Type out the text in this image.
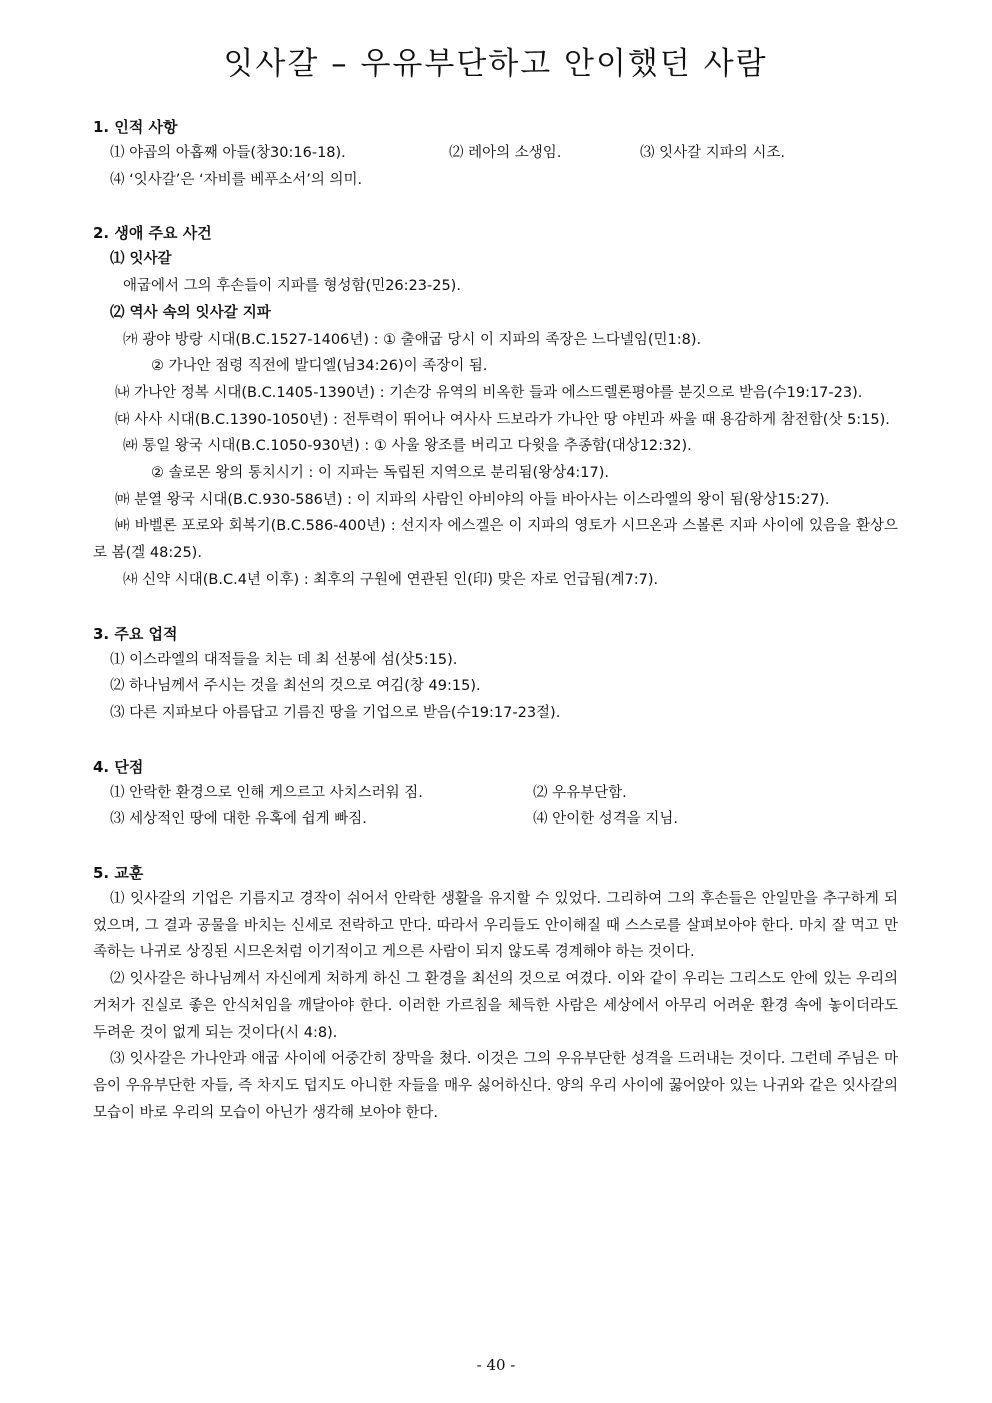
잇사갈 – 우유부단하고 안이했던 사람

1. 인적 사항

⑴ 야곱의 아홉째 아들(창30:16-18).	⑵ 레아의 소생임.	⑶ 잇사갈 지파의 시조.

⑷ ‘잇사갈’은 ‘자비를 베푸소서’의 의미.

2. 생애 주요 사건

⑴ 잇사갈

애굽에서 그의 후손들이 지파를 형성함(민26:23-25).

⑵ 역사 속의 잇사갈 지파

㈎ 광야 방랑 시대(B.C.1527-1406년) : ① 출애굽 당시 이 지파의 족장은 느다넬임(민1:8).

② 가나안 점령 직전에 발디엘(님34:26)이 족장이 됨.

㈏ 가나안 정복 시대(B.C.1405-1390년) : 기손강 유역의 비옥한 들과 에스드렐론평야를 분깃으로 받음(수19:17-23).

㈐ 사사 시대(B.C.1390-1050년) : 전투력이 뛰어나 여사사 드보라가 가나안 땅 야빈과 싸울 때 용감하게 참전함(삿 5:15).

㈑ 통일 왕국 시대(B.C.1050-930년) : ① 사울 왕조를 버리고 다윗을 추종함(대상12:32).

② 솔로몬 왕의 통치시기 : 이 지파는 독립된 지역으로 분리됨(왕상4:17).

㈒ 분열 왕국 시대(B.C.930-586년) : 이 지파의 사람인 아비야의 아들 바아사는 이스라엘의 왕이 됨(왕상15:27).

㈓ 바벨론 포로와 회복기(B.C.586-400년) : 선지자 에스겔은 이 지파의 영토가 시므온과 스볼론 지파 사이에 있음을 환상으로 봄(겔 48:25).

㈔ 신약 시대(B.C.4년 이후) : 최후의 구원에 연관된 인(印) 맞은 자로 언급됨(계7:7).

3. 주요 업적

⑴ 이스라엘의 대적들을 치는 데 최 선봉에 섬(삿5:15).

⑵ 하나님께서 주시는 것을 최선의 것으로 여김(창 49:15).

⑶ 다른 지파보다 아름답고 기름진 땅을 기업으로 받음(수19:17-23절).

4. 단점

⑴ 안락한 환경으로 인해 게으르고 사치스러워 짐.	⑵ 우유부단함.
⑶ 세상적인 땅에 대한 유혹에 쉽게 빠짐.	⑷ 안이한 성격을 지님.

5. 교훈

⑴ 잇사갈의 기업은 기름지고 경작이 쉬어서 안락한 생활을 유지할 수 있었다. 그리하여 그의 후손들은 안일만을 추구하게 되었으며, 그 결과 공물을 바치는 신세로 전락하고 만다. 따라서 우리들도 안이해질 때 스스로를 살펴보아야 한다. 마치 잘 먹고 만족하는 나귀로 상징된 시므온처럼 이기적이고 게으른 사람이 되지 않도록 경계해야 하는 것이다.

⑵ 잇사갈은 하나님께서 자신에게 처하게 하신 그 환경을 최선의 것으로 여겼다. 이와 같이 우리는 그리스도 안에 있는 우리의 거처가 진실로 좋은 안식처임을 깨달아야 한다. 이러한 가르침을 체득한 사람은 세상에서 아무리 어려운 환경 속에 놓이더라도 두려운 것이 없게 되는 것이다(시 4:8).

⑶ 잇사갈은 가나안과 애굽 사이에 어중간히 장막을 쳤다. 이것은 그의 우유부단한 성격을 드러내는 것이다. 그런데 주님은 마음이 우유부단한 자들, 즉 차지도 덥지도 아니한 자들을 매우 싫어하신다. 양의 우리 사이에 꿇어앉아 있는 나귀와 같은 잇사갈의 모습이 바로 우리의 모습이 아닌가 생각해 보아야 한다.

- 40 -
